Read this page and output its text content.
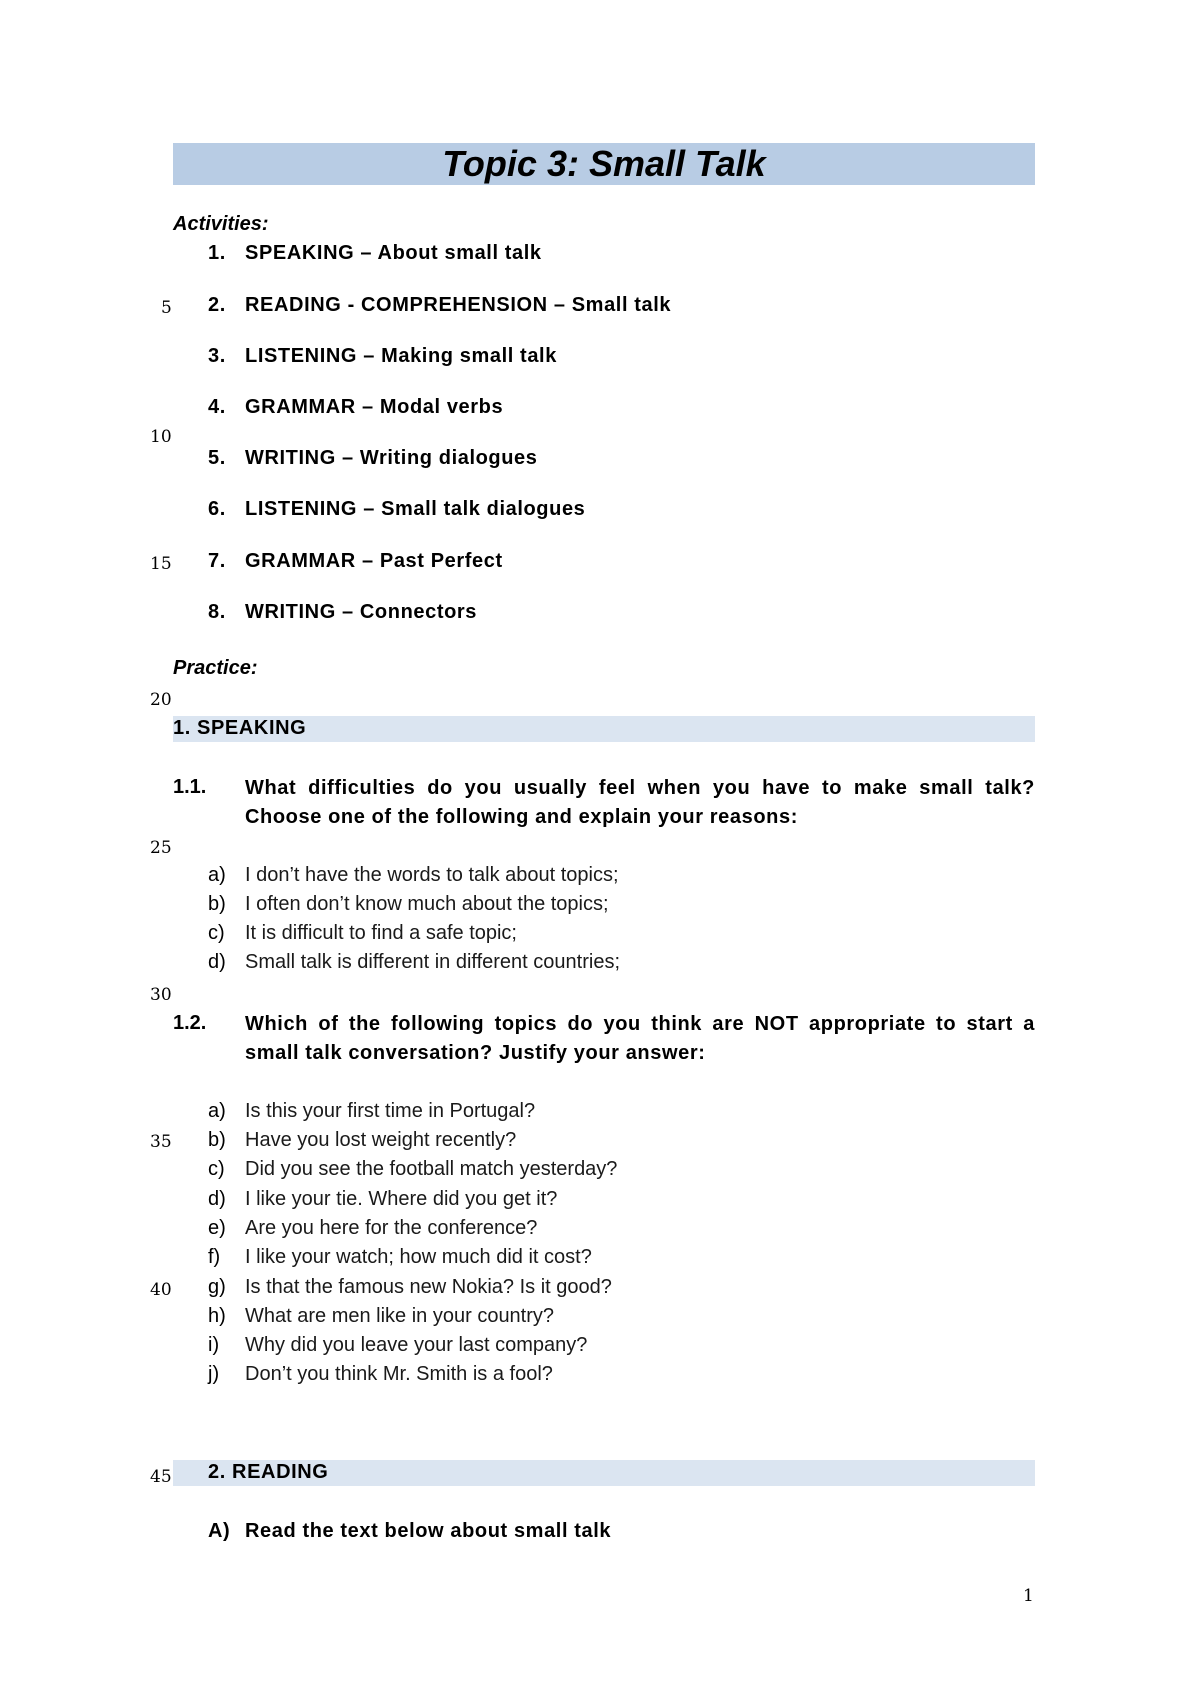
Topic 3: Small Talk
Activities:
1. SPEAKING – About small talk
2. READING - COMPREHENSION – Small talk
3. LISTENING – Making small talk
4. GRAMMAR – Modal verbs
5. WRITING – Writing dialogues
6. LISTENING – Small talk dialogues
7. GRAMMAR – Past Perfect
8. WRITING – Connectors
Practice:
5
10
15
20
25
30
35
40
45
1. SPEAKING
1.1. What difficulties do you usually feel when you have to make small talk? Choose one of the following and explain your reasons:
a) I don’t have the words to talk about topics;
b) I often don’t know much about the topics;
c) It is difficult to find a safe topic;
d) Small talk is different in different countries;
1.2. Which of the following topics do you think are NOT appropriate to start a small talk conversation? Justify your answer:
a) Is this your first time in Portugal?
b) Have you lost weight recently?
c) Did you see the football match yesterday?
d) I like your tie. Where did you get it?
e) Are you here for the conference?
f) I like your watch; how much did it cost?
g) Is that the famous new Nokia? Is it good?
h) What are men like in your country?
i) Why did you leave your last company?
j) Don’t you think Mr. Smith is a fool?
2. READING
A) Read the text below about small talk
1
